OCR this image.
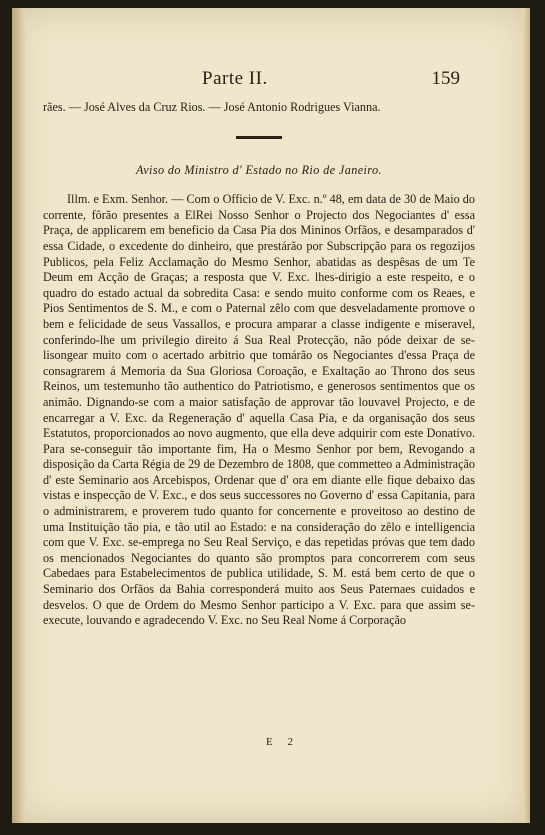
Parte II.	159

rães. — José Alves da Cruz Rios. — José Antonio Rodrigues Vianna.

Aviso do Ministro d' Estado no Rio de Janeiro.

Illm. e Exm. Senhor. — Com o Officio de V. Exc. n.º 48, em data de 30 de Maio do corrente, fôrão presentes a ElRei Nosso Senhor o Projecto dos Negociantes d' essa Praça, de applicarem em beneficio da Casa Pia dos Mininos Orfãos, e desamparados d' essa Cidade, o excedente do dinheiro, que prestárão por Subscripção para os regozijos Publicos, pela Feliz Acclamação do Mesmo Senhor, abatidas as despêsas de um Te Deum em Acção de Graças; a resposta que V. Exc. lhes-dirigio a este respeito, e o quadro do estado actual da sobredita Casa: e sendo muito conforme com os Reaes, e Pios Sentimentos de S. M., e com o Paternal zêlo com que desveladamente promove o bem e felicidade de seus Vassallos, e procura amparar a classe indigente e miseravel, conferindo-lhe um privilegio direito á Sua Real Protecção, não póde deixar de se-lisongear muito com o acertado arbitrio que tomárão os Negociantes d'essa Praça de consagrarem á Memoria da Sua Gloriosa Coroação, e Exaltação ao Throno dos seus Reinos, um testemunho tão authentico do Patriotismo, e generosos sentimentos que os animão. Dignando-se com a maior satisfação de approvar tão louvavel Projecto, e de encarregar a V. Exc. da Regeneração d' aquella Casa Pia, e da organisação dos seus Estatutos, proporcionados ao novo augmento, que ella deve adquirir com este Donativo. Para se-conseguir tão importante fim, Ha o Mesmo Senhor por bem, Revogando a disposição da Carta Régia de 29 de Dezembro de 1808, que commetteo a Administração d' este Seminario aos Arcebispos, Ordenar que d' ora em diante elle fique debaixo das vistas e inspecção de V. Exc., e dos seus successores no Governo d' essa Capitania, para o administrarem, e proverem tudo quanto for concernente e proveitoso ao destino de uma Instituição tão pia, e tão util ao Estado: e na consideração do zêlo e intelligencia com que V. Exc. se-emprega no Seu Real Serviço, e das repetidas próvas que tem dado os mencionados Negociantes do quanto são promptos para concorrerem com seus Cabedaes para Estabelecimentos de publica utilidade, S. M. está bem certo de que o Seminario dos Orfãos da Bahia corresponderá muito aos Seus Paternaes cuidados e desvelos. O que de Ordem do Mesmo Senhor participo a V. Exc. para que assim se-execute, louvando e agradecendo V. Exc. no Seu Real Nome á Corporação

E 2
